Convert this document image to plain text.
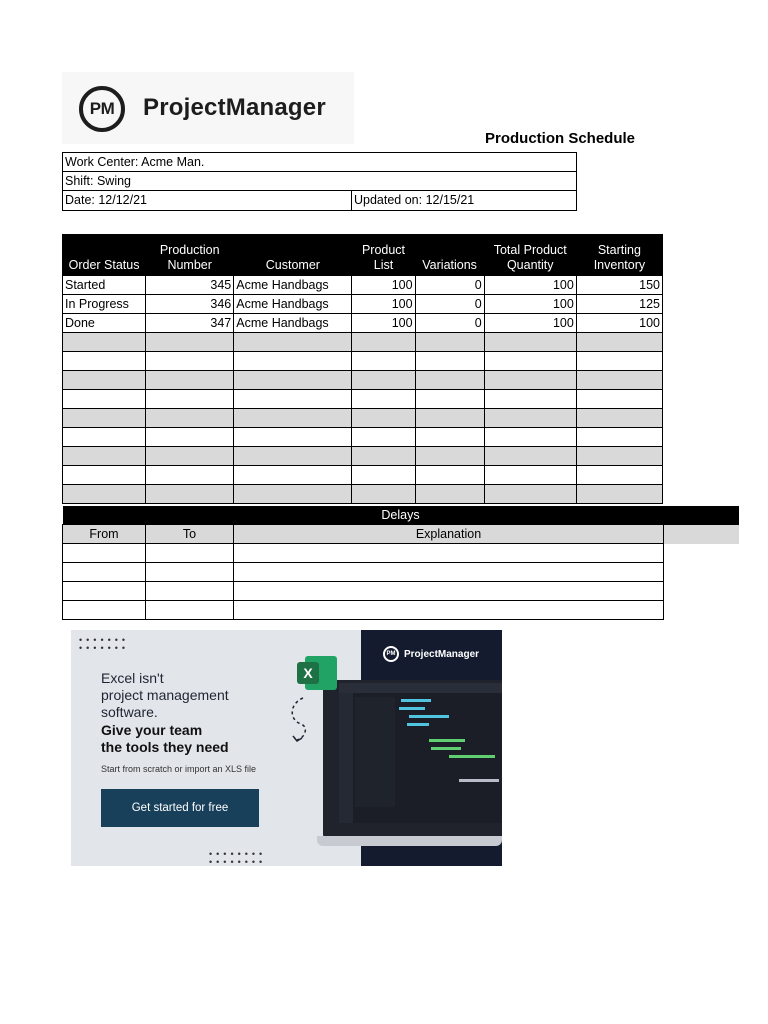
PM	ProjectManager
Production Schedule
Work Center: Acme Man.
Shift: Swing
Date: 12/12/21	Updated on: 12/15/21
Order Status	Production Number	Customer	Product List	Variations	Total Product Quantity	Starting Inventory
Started	345	Acme Handbags	100	0	100	150
In Progress	346	Acme Handbags	100	0	100	125
Done	347	Acme Handbags	100	0	100	100

Delays			
From	To	Explanation	

•••••••
•••••••
••••••••
••••••••
Excel isn't
project management
software.
Give your team
the tools they need
Start from scratch or import an XLS file
Get started for free
PM ProjectManager
X
